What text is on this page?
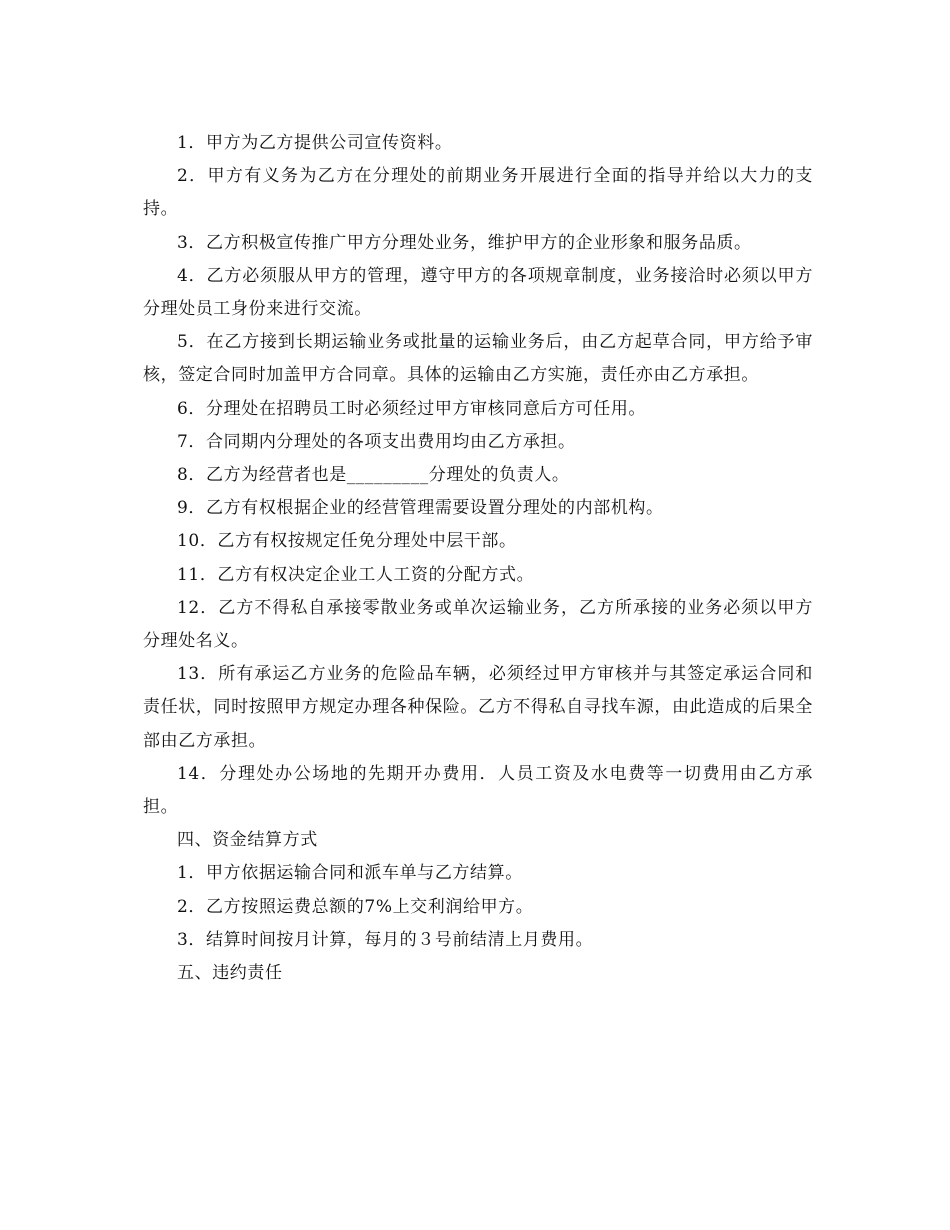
1．甲方为乙方提供公司宣传资料。

2．甲方有义务为乙方在分理处的前期业务开展进行全面的指导并给以大力的支持。

3．乙方积极宣传推广甲方分理处业务，维护甲方的企业形象和服务品质。

4．乙方必须服从甲方的管理，遵守甲方的各项规章制度，业务接洽时必须以甲方分理处员工身份来进行交流。

5．在乙方接到长期运输业务或批量的运输业务后，由乙方起草合同，甲方给予审核，签定合同时加盖甲方合同章。具体的运输由乙方实施，责任亦由乙方承担。

6．分理处在招聘员工时必须经过甲方审核同意后方可任用。

7．合同期内分理处的各项支出费用均由乙方承担。

8．乙方为经营者也是_________分理处的负责人。

9．乙方有权根据企业的经营管理需要设置分理处的内部机构。

10．乙方有权按规定任免分理处中层干部。

11．乙方有权决定企业工人工资的分配方式。

12．乙方不得私自承接零散业务或单次运输业务，乙方所承接的业务必须以甲方分理处名义。

13．所有承运乙方业务的危险品车辆，必须经过甲方审核并与其签定承运合同和责任状，同时按照甲方规定办理各种保险。乙方不得私自寻找车源，由此造成的后果全部由乙方承担。

14．分理处办公场地的先期开办费用．人员工资及水电费等一切费用由乙方承担。

四、资金结算方式

1．甲方依据运输合同和派车单与乙方结算。

2．乙方按照运费总额的7%上交利润给甲方。

3．结算时间按月计算，每月的３号前结清上月费用。

五、违约责任
